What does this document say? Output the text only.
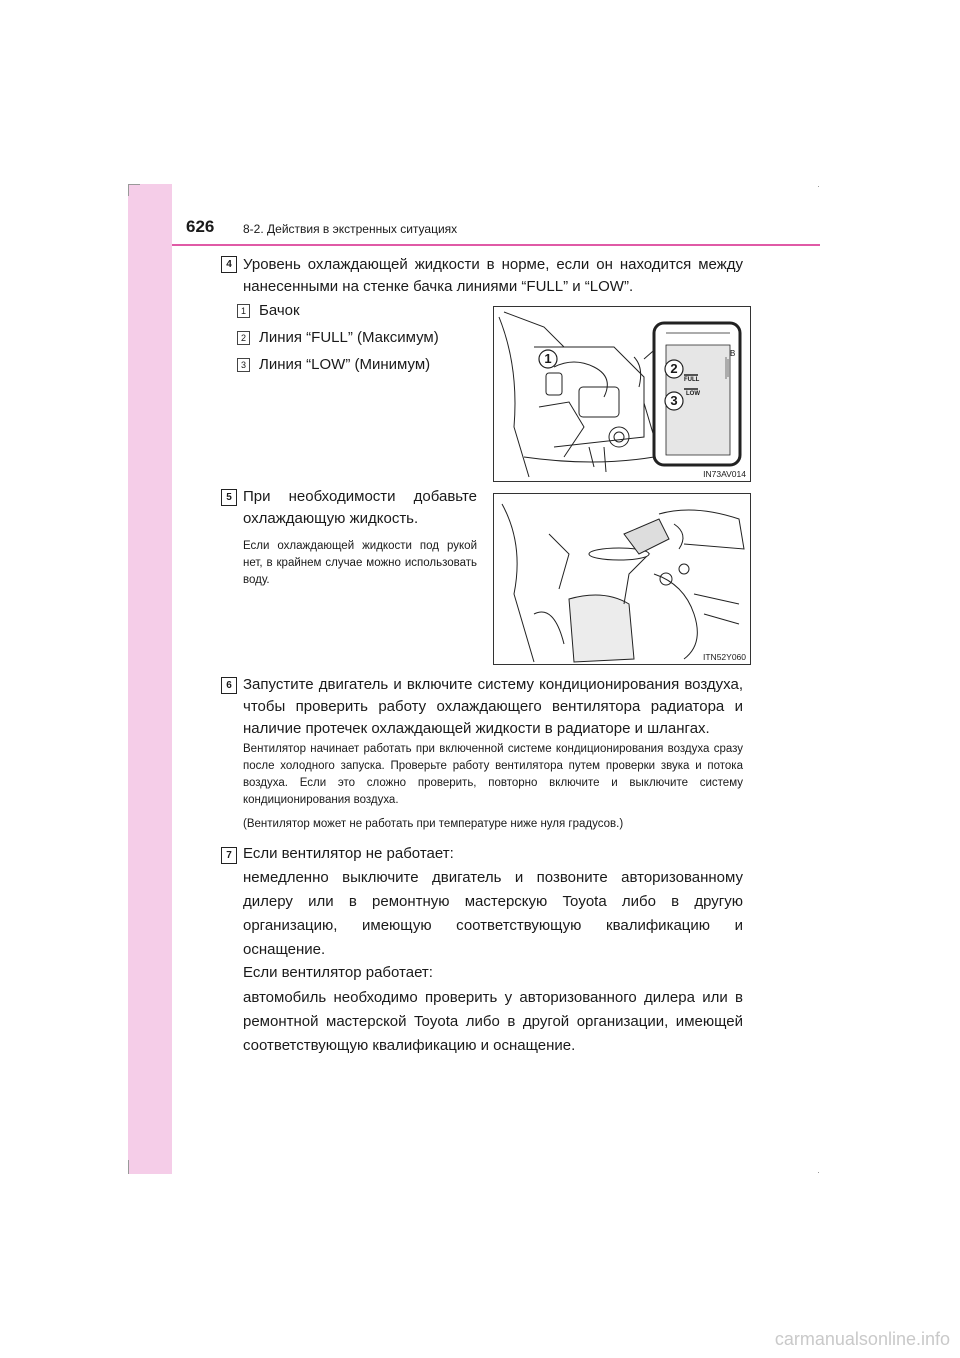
626 8-2. Действия в экстренных ситуациях
4 Уровень охлаждающей жидкости в норме, если он находится между нанесенными на стенке бачка линиями “FULL” и “LOW”.
1 Бачок
2 Линия “FULL” (Максимум)
3 Линия “LOW” (Минимум)	1
2
3
B
FULL
LOW
IN73AV014
5 При необходимости добавьте охлаждающую жидкость.
Если охлаждающей жидкости под рукой нет, в крайнем случае можно использовать воду.
ITN52Y060
6 Запустите двигатель и включите систему кондиционирования воздуха, чтобы проверить работу охлаждающего вентилятора радиатора и наличие протечек охлаждающей жидкости в радиаторе и шлангах.
Вентилятор начинает работать при включенной системе кондиционирования воздуха сразу после холодного запуска. Проверьте работу вентилятора путем проверки звука и потока воздуха. Если это сложно проверить, повторно включите и выключите систему кондиционирования воздуха.
(Вентилятор может не работать при температуре ниже нуля градусов.)
7 Если вентилятор не работает:
немедленно выключите двигатель и позвоните авторизованному дилеру или в ремонтную мастерскую Toyota либо в другую организацию, имеющую соответствующую квалификацию и оснащение.
Если вентилятор работает:
автомобиль необходимо проверить у авторизованного дилера или в ремонтной мастерской Toyota либо в другой организации, имеющей соответствующую квалификацию и оснащение.
carmanualsonline.info
